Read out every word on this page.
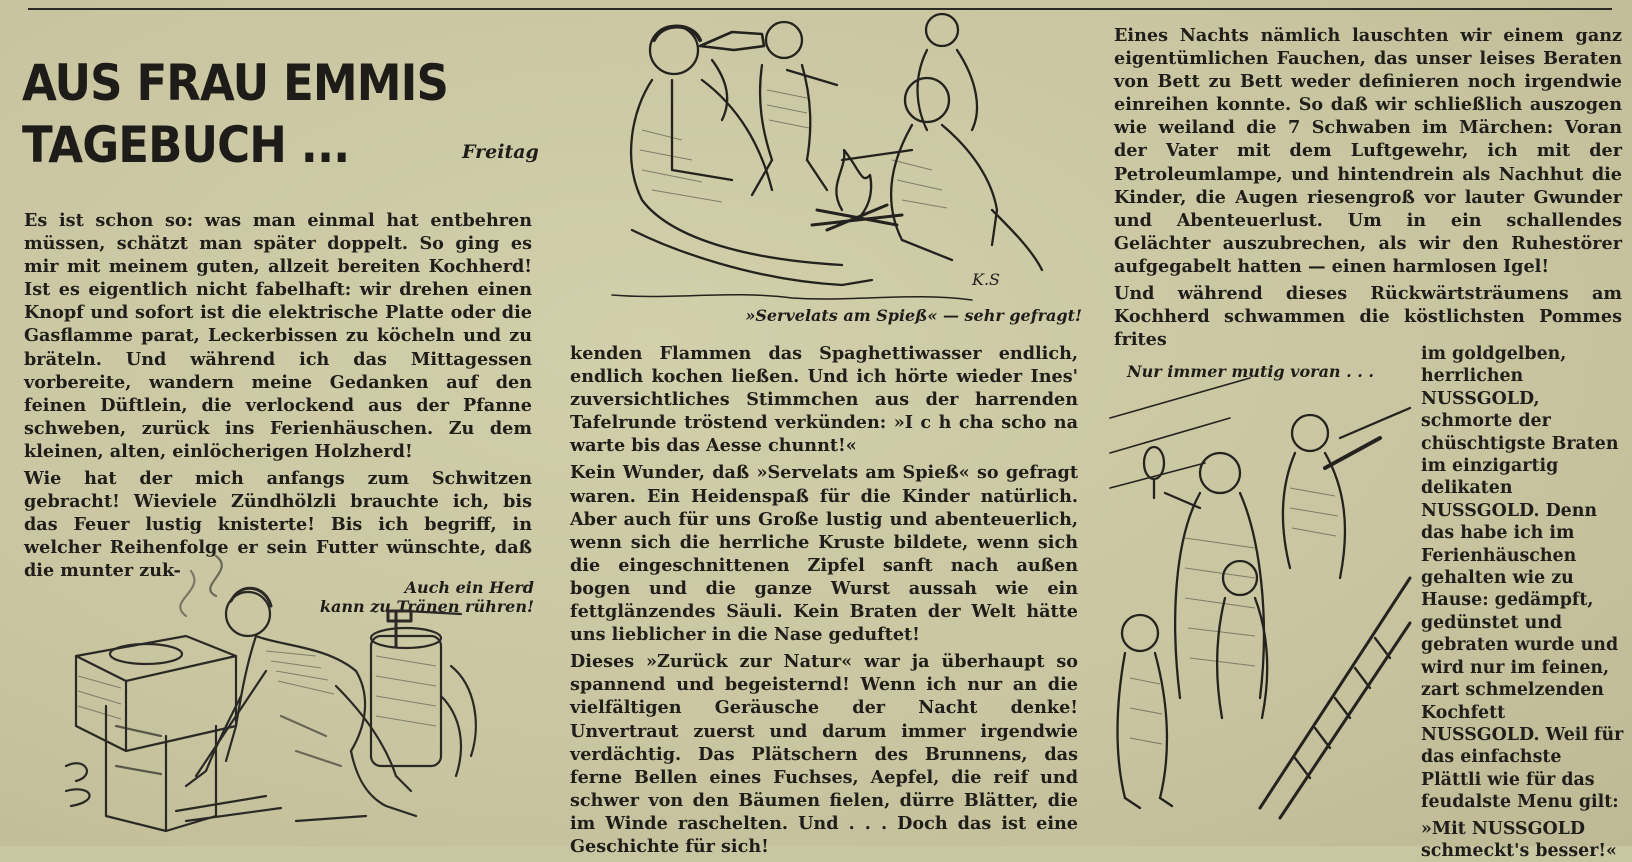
AUS FRAU EMMIS
TAGEBUCH ...	Freitag

Es ist schon so: was man einmal hat entbehren müssen, schätzt man später doppelt. So ging es mir mit meinem guten, allzeit bereiten Kochherd! Ist es eigentlich nicht fabelhaft: wir drehen einen Knopf und sofort ist die elektrische Platte oder die Gasflamme parat, Leckerbissen zu köcheln und zu bräteln. Und während ich das Mittagessen vorbereite, wandern meine Gedanken auf den feinen Düftlein, die verlockend aus der Pfanne schweben, zurück ins Ferienhäuschen. Zu dem kleinen, alten, einlöcherigen Holzherd!

Wie hat der mich anfangs zum Schwitzen gebracht! Wieviele Zündhölzli brauchte ich, bis das Feuer lustig knisterte! Bis ich begriff, in welcher Reihenfolge er sein Futter wünschte, daß die munter zuk-

Auch ein Herd
kann zu Tränen rühren!
K.S
»Servelats am Spieß« — sehr gefragt!

kenden Flammen das Spaghettiwasser endlich, endlich kochen ließen. Und ich hörte wieder Ines' zuversichtliches Stimmchen aus der harrenden Tafelrunde tröstend verkünden: »I c h cha scho na warte bis das Aesse chunnt!«

Kein Wunder, daß »Servelats am Spieß« so gefragt waren. Ein Heidenspaß für die Kinder natürlich. Aber auch für uns Große lustig und abenteuerlich, wenn sich die herrliche Kruste bildete, wenn sich die eingeschnittenen Zipfel sanft nach außen bogen und die ganze Wurst aussah wie ein fettglänzendes Säuli. Kein Braten der Welt hätte uns lieblicher in die Nase geduftet!

Dieses »Zurück zur Natur« war ja überhaupt so spannend und begeisternd! Wenn ich nur an die vielfältigen Geräusche der Nacht denke! Unvertraut zuerst und darum immer irgendwie verdächtig. Das Plätschern des Brunnens, das ferne Bellen eines Fuchses, Aepfel, die reif und schwer von den Bäumen fielen, dürre Blätter, die im Winde raschelten. Und . . . Doch das ist eine Geschichte für sich!

Eines Nachts nämlich lauschten wir einem ganz eigentümlichen Fauchen, das unser leises Beraten von Bett zu Bett weder definieren noch irgendwie einreihen konnte. So daß wir schließlich auszogen wie weiland die 7 Schwaben im Märchen: Voran der Vater mit dem Luftgewehr, ich mit der Petroleumlampe, und hintendrein als Nachhut die Kinder, die Augen riesengroß vor lauter Gwunder und Abenteuerlust. Um in ein schallendes Gelächter auszubrechen, als wir den Ruhestörer aufgegabelt hatten — einen harmlosen Igel!

Und während dieses Rückwärtsträumens am Kochherd schwammen die köstlichsten Pommes frites

Nur immer mutig voran . . .

im goldgelben, herrlichen NUSSGOLD, schmorte der chüschtigste Braten im einzigartig delikaten NUSSGOLD. Denn das habe ich im Ferienhäuschen gehalten wie zu Hause: gedämpft, gedünstet und gebraten wurde und wird nur im feinen, zart schmelzenden Kochfett NUSSGOLD. Weil für das einfachste Plättli wie für das feudalste Menu gilt:

»Mit NUSSGOLD schmeckt's besser!«
